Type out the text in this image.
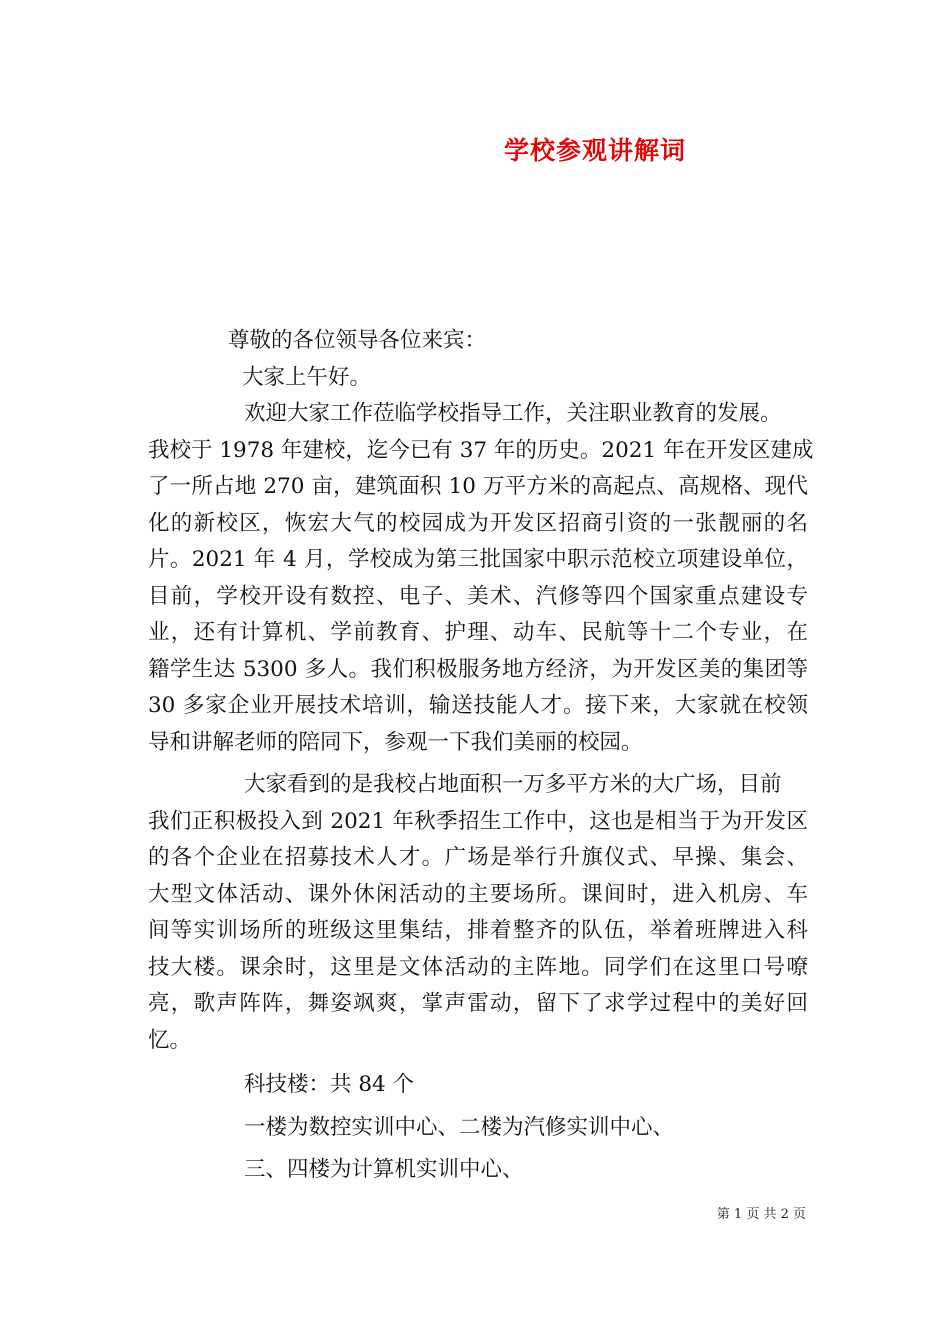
学校参观讲解词
尊敬的各位领导各位来宾：
大家上午好。
欢迎大家工作莅临学校指导工作，关注职业教育的发展。
我校于 1978 年建校，迄今已有 37 年的历史。2021 年在开发区建成
了一所占地 270 亩，建筑面积 10 万平方米的高起点、高规格、现代
化的新校区，恢宏大气的校园成为开发区招商引资的一张靓丽的名
片。2021 年 4 月，学校成为第三批国家中职示范校立项建设单位，
目前，学校开设有数控、电子、美术、汽修等四个国家重点建设专
业，还有计算机、学前教育、护理、动车、民航等十二个专业，在
籍学生达 5300 多人。我们积极服务地方经济，为开发区美的集团等
30 多家企业开展技术培训，输送技能人才。接下来，大家就在校领
导和讲解老师的陪同下，参观一下我们美丽的校园。
大家看到的是我校占地面积一万多平方米的大广场，目前
我们正积极投入到 2021 年秋季招生工作中，这也是相当于为开发区
的各个企业在招募技术人才。广场是举行升旗仪式、早操、集会、
大型文体活动、课外休闲活动的主要场所。课间时，进入机房、车
间等实训场所的班级这里集结，排着整齐的队伍，举着班牌进入科
技大楼。课余时，这里是文体活动的主阵地。同学们在这里口号嘹
亮，歌声阵阵，舞姿飒爽，掌声雷动，留下了求学过程中的美好回
忆。
科技楼：共 84 个
一楼为数控实训中心、二楼为汽修实训中心、
三、四楼为计算机实训中心、
第 1 页 共 2 页
